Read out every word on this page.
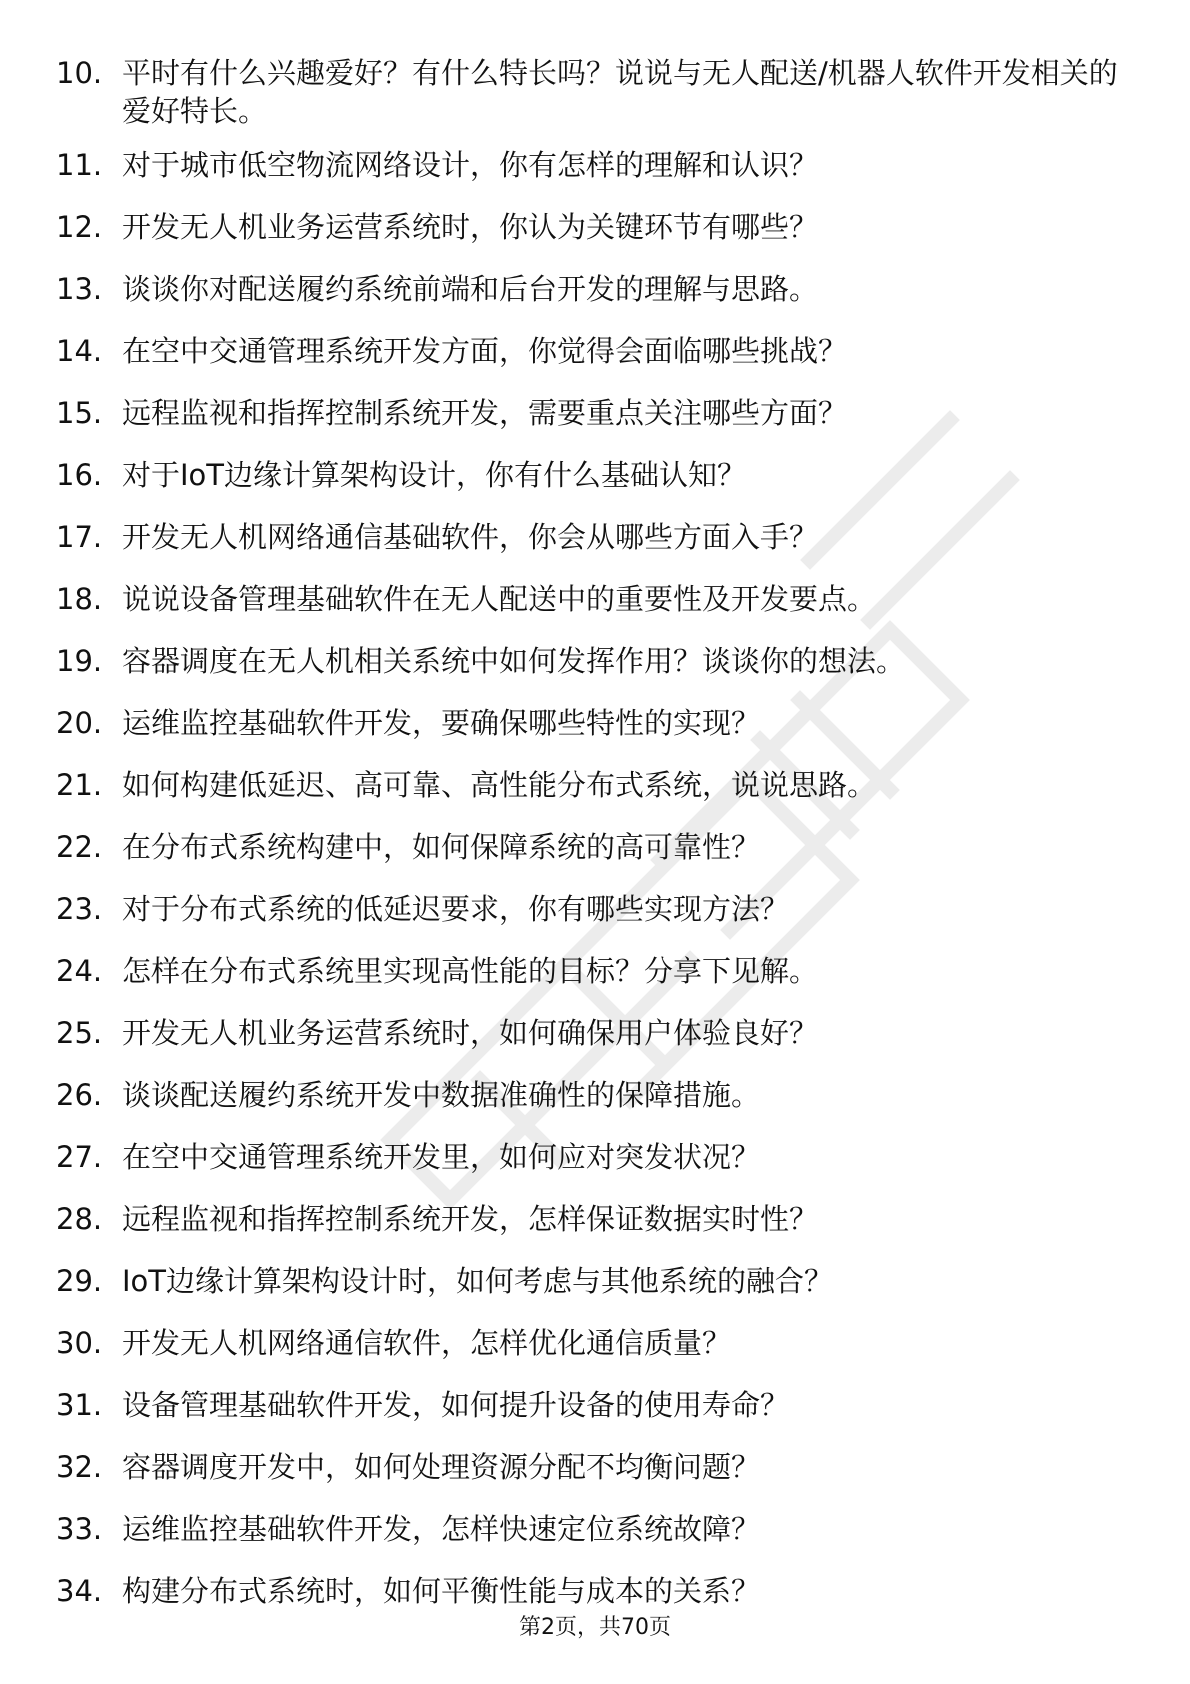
10. 平时有什么兴趣爱好？有什么特长吗？说说与无人配送/机器人软件开发相关的爱好特长。
11. 对于城市低空物流网络设计，你有怎样的理解和认识？
12. 开发无人机业务运营系统时，你认为关键环节有哪些？
13. 谈谈你对配送履约系统前端和后台开发的理解与思路。
14. 在空中交通管理系统开发方面，你觉得会面临哪些挑战？
15. 远程监视和指挥控制系统开发，需要重点关注哪些方面？
16. 对于IoT边缘计算架构设计，你有什么基础认知？
17. 开发无人机网络通信基础软件，你会从哪些方面入手？
18. 说说设备管理基础软件在无人配送中的重要性及开发要点。
19. 容器调度在无人机相关系统中如何发挥作用？谈谈你的想法。
20. 运维监控基础软件开发，要确保哪些特性的实现？
21. 如何构建低延迟、高可靠、高性能分布式系统，说说思路。
22. 在分布式系统构建中，如何保障系统的高可靠性？
23. 对于分布式系统的低延迟要求，你有哪些实现方法？
24. 怎样在分布式系统里实现高性能的目标？分享下见解。
25. 开发无人机业务运营系统时，如何确保用户体验良好？
26. 谈谈配送履约系统开发中数据准确性的保障措施。
27. 在空中交通管理系统开发里，如何应对突发状况？
28. 远程监视和指挥控制系统开发，怎样保证数据实时性？
29. IoT边缘计算架构设计时，如何考虑与其他系统的融合？
30. 开发无人机网络通信软件，怎样优化通信质量？
31. 设备管理基础软件开发，如何提升设备的使用寿命？
32. 容器调度开发中，如何处理资源分配不均衡问题？
33. 运维监控基础软件开发，怎样快速定位系统故障？
34. 构建分布式系统时，如何平衡性能与成本的关系？
第2页，共70页
